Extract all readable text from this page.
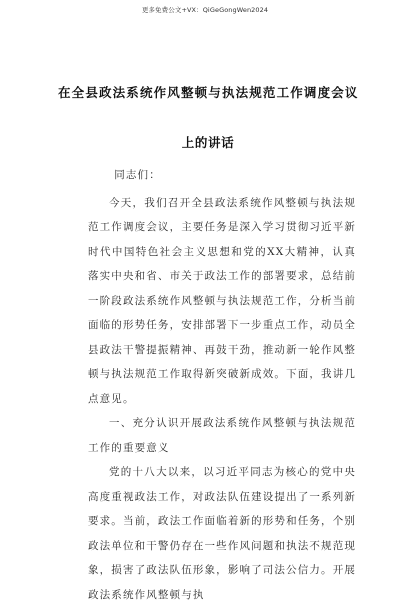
更多免费公文+VX：QiGeGongWen2024
在全县政法系统作风整顿与执法规范工作调度会议上的讲话

同志们：

今天，我们召开全县政法系统作风整顿与执法规范工作调度会议，主要任务是深入学习贯彻习近平新时代中国特色社会主义思想和党的XX大精神，认真落实中央和省、市关于政法工作的部署要求，总结前一阶段政法系统作风整顿与执法规范工作，分析当前面临的形势任务，安排部署下一步重点工作，动员全县政法干警提振精神、再鼓干劲，推动新一轮作风整顿与执法规范工作取得新突破新成效。下面，我讲几点意见。

一、充分认识开展政法系统作风整顿与执法规范工作的重要意义

党的十八大以来，以习近平同志为核心的党中央高度重视政法工作，对政法队伍建设提出了一系列新要求。当前，政法工作面临着新的形势和任务，个别政法单位和干警仍存在一些作风问题和执法不规范现象，损害了政法队伍形象，影响了司法公信力。开展政法系统作风整顿与执
